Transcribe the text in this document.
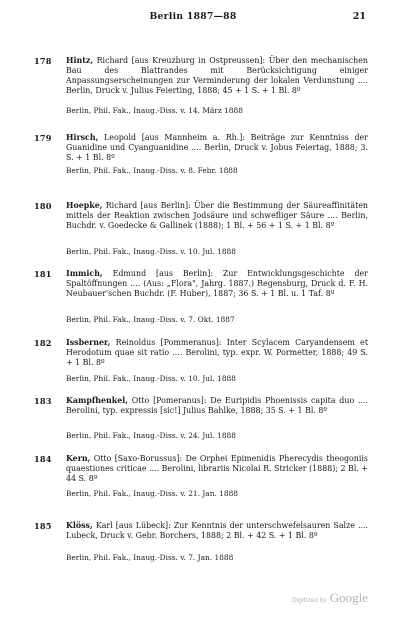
Berlin 1887—88	21
178 Hintz, Richard [aus Kreuzburg in Ostpreussen]: Über den mechanischen Bau des Blattrandes mit Berücksichtigung einiger Anpassungserscheinungen zur Verminderung der lokalen Verdunstung .... Berlin, Druck v. Julius Feierting, 1888; 45 + 1 S. + 1 Bl. 8º
Berlin, Phil. Fak., Inaug.-Diss. v. 14. März 1888
179 Hirsch, Leopold [aus Mannheim a. Rh.]: Beiträge zur Kenntniss der Guanidine und Cyanguanidine .... Berlin, Druck v. Jobus Feiertag, 1888; 3. S. + 1 Bl. 8º
Berlin, Phil. Fak., Inaug.-Diss. v. 8. Febr. 1888
180 Hoepke, Richard [aus Berlin]: Über die Bestimmung der Säureaffinitäten mittels der Reaktion zwischen Jodsäure und schwefliger Säure .... Berlin, Buchdr. v. Goedecke & Gallinek (1888); 1 Bl. + 56 + 1 S. + 1 Bl. 8º
Berlin, Phil. Fak., Inaug.-Diss. v. 10. Jul. 1888
181 Immich, Edmund [aus Berlin]: Zur Entwicklungsgeschichte der Spaltöffnungen .... (Aus: „Flora", Jahrg. 1887.) Regensburg, Druck d. F. H. Neubauer'schen Buchdr. (F. Huber), 1887; 36 S. + 1 Bl. u. 1 Taf. 8º
Berlin, Phil. Fak., Inaug.-Diss. v. 7. Okt. 1887
182 Issberner, Reinoldus [Pommeranus]: Inter Scylacem Caryandensem et Herodotum quae sit ratio .... Berolini, typ. expr. W. Pormetter, 1888; 49 S. + 1 Bl. 8º
Berlin, Phil. Fak., Inaug.-Diss. v. 10. Jul. 1888
183 Kampfhenkel, Otto [Pomeranus]: De Euripidis Phoenissis capita duo .... Berolini, typ. expressis [sic!] Julius Bahlke, 1888; 35 S. + 1 Bl. 8º
Berlin, Phil. Fak., Inaug.-Diss. v. 24. Jul. 1888
184 Kern, Otto [Saxo-Borussus]: De Orphei Epimenidis Pherecydis theogoniis quaestiones criticae .... Berolini, librariis Nicolai R. Stricker (1888); 2 Bl. + 44 S. 8º
Berlin, Phil. Fak., Inaug.-Diss. v. 21. Jan. 1888
185 Klöss, Karl [aus Lübeck]: Zur Kenntnis der unterschwefelsauren Salze .... Lubeck, Druck v. Gebr. Borchers, 1888; 2 Bl. + 42 S. + 1 Bl. 8º
Berlin, Phil. Fak., Inaug.-Diss. v. 7. Jan. 1888
Digitized by Google
